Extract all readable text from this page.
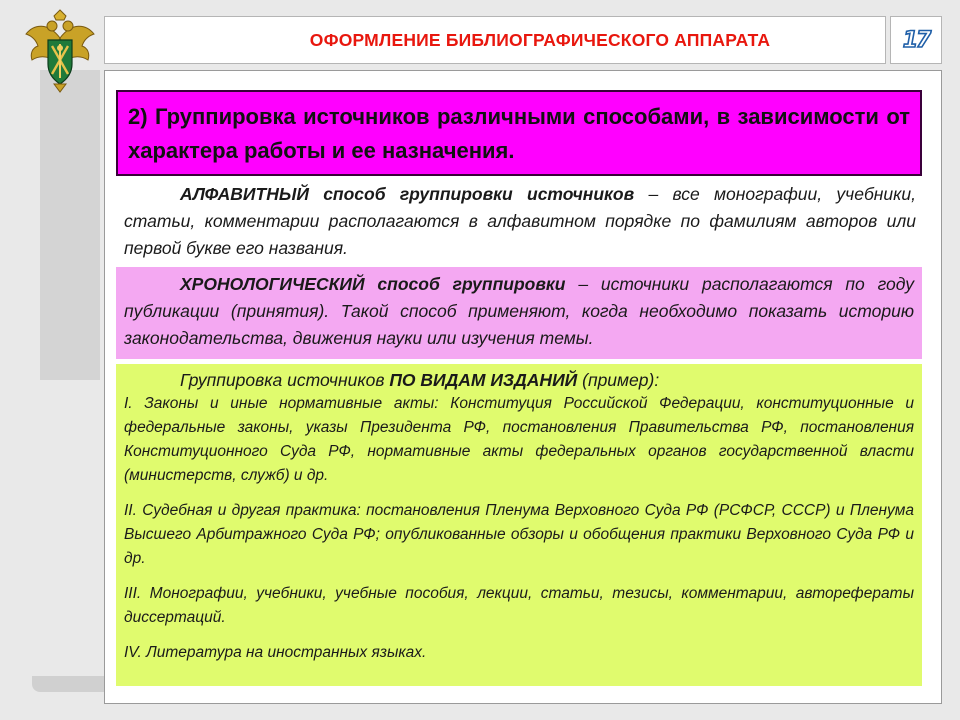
ОФОРМЛЕНИЕ БИБЛИОГРАФИЧЕСКОГО АППАРАТА	17
2) Группировка источников различными способами, в зависимости от характера работы и ее назначения.
АЛФАВИТНЫЙ способ группировки источников – все монографии, учебники, статьи, комментарии располагаются в алфавитном порядке по фамилиям авторов или первой букве его названия.
ХРОНОЛОГИЧЕСКИЙ способ группировки – источники располагаются по году публикации (принятия). Такой способ применяют, когда необходимо показать историю законодательства, движения науки или изучения темы.

Группировка источников ПО ВИДАМ ИЗДАНИЙ (пример):

I. Законы и иные нормативные акты: Конституция Российской Федерации, конституционные и федеральные законы, указы Президента РФ, постановления Правительства РФ, постановления Конституционного Суда РФ, нормативные акты федеральных органов государственной власти (министерств, служб) и др.

II. Судебная и другая практика: постановления Пленума Верховного Суда РФ (РСФСР, СССР) и Пленума Высшего Арбитражного Суда РФ; опубликованные обзоры и обобщения практики Верховного Суда РФ и др.

III. Монографии, учебники, учебные пособия, лекции, статьи, тезисы, комментарии, авторефераты диссертаций.

IV. Литература на иностранных языках.
